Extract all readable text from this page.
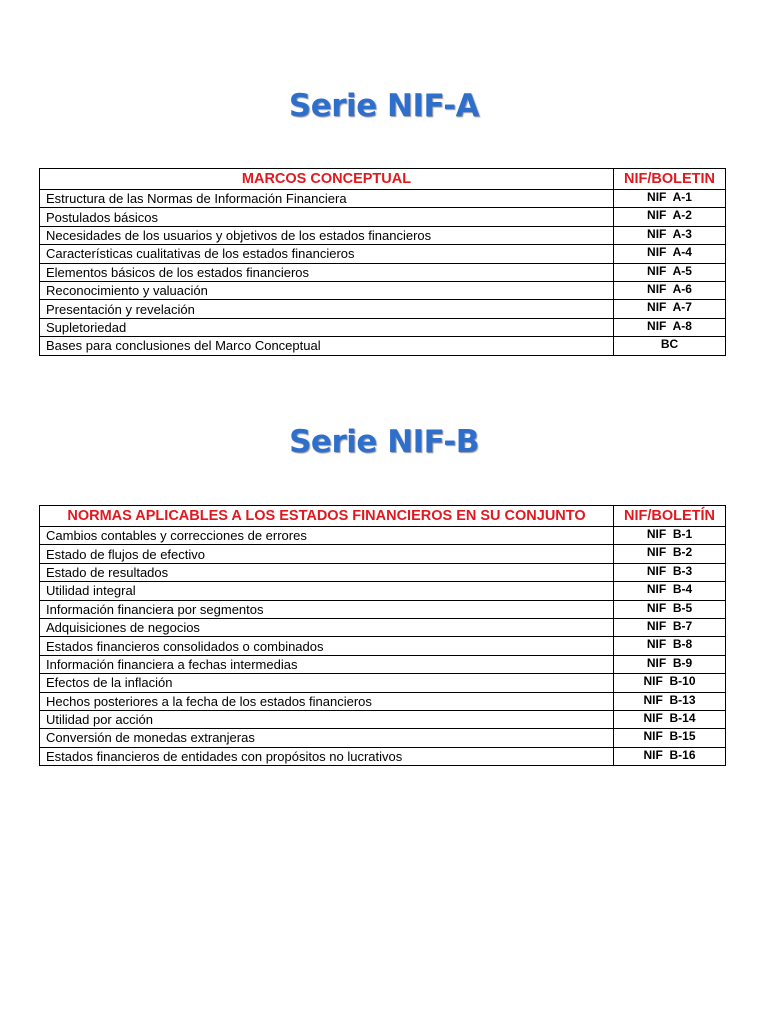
Serie NIF-A
MARCOS CONCEPTUAL	NIF/BOLETIN
Estructura de las Normas de Información Financiera	NIF  A-1
Postulados básicos	NIF  A-2
Necesidades de los usuarios y objetivos de los estados financieros	NIF  A-3
Características cualitativas de los estados financieros	NIF  A-4
Elementos básicos de los estados financieros	NIF  A-5
Reconocimiento y valuación	NIF  A-6
Presentación y revelación	NIF  A-7
Supletoriedad	NIF  A-8
Bases para conclusiones del Marco Conceptual	BC
Serie NIF-B
NORMAS APLICABLES A LOS ESTADOS FINANCIEROS EN SU CONJUNTO	NIF/BOLETÍN
Cambios contables y correcciones de errores	NIF  B-1
Estado de flujos de efectivo	NIF  B-2
Estado de resultados	NIF  B-3
Utilidad integral	NIF  B-4
Información financiera por segmentos	NIF  B-5
Adquisiciones de negocios	NIF  B-7
Estados financieros consolidados o combinados	NIF  B-8
Información financiera a fechas intermedias	NIF  B-9
Efectos de la inflación	NIF  B-10
Hechos posteriores a la fecha de los estados financieros	NIF  B-13
Utilidad por acción	NIF  B-14
Conversión de monedas extranjeras	NIF  B-15
Estados financieros de entidades con propósitos no lucrativos	NIF  B-16
